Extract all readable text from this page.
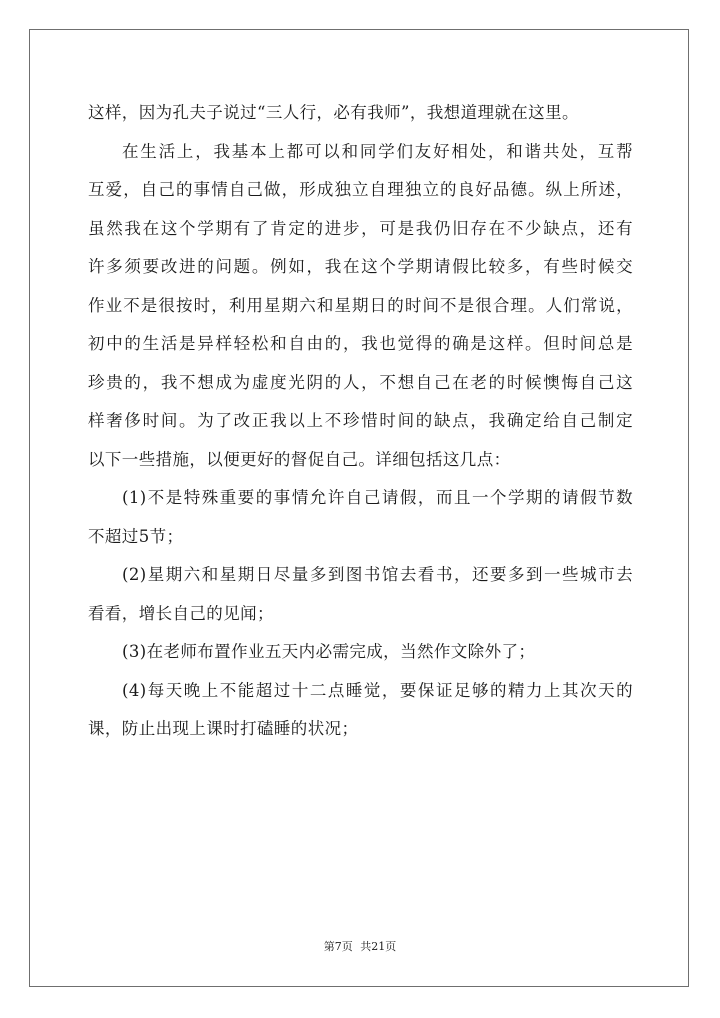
这样，因为孔夫子说过“三人行，必有我师”，我想道理就在这里。
在生活上，我基本上都可以和同学们友好相处，和谐共处，互帮
互爱，自己的事情自己做，形成独立自理独立的良好品德。纵上所述，
虽然我在这个学期有了肯定的进步，可是我仍旧存在不少缺点，还有
许多须要改进的问题。例如，我在这个学期请假比较多，有些时候交
作业不是很按时，利用星期六和星期日的时间不是很合理。人们常说，
初中的生活是异样轻松和自由的，我也觉得的确是这样。但时间总是
珍贵的，我不想成为虚度光阴的人，不想自己在老的时候懊悔自己这
样奢侈时间。为了改正我以上不珍惜时间的缺点，我确定给自己制定
以下一些措施，以便更好的督促自己。详细包括这几点：
(1)不是特殊重要的事情允许自己请假，而且一个学期的请假节数
不超过5节；
(2)星期六和星期日尽量多到图书馆去看书，还要多到一些城市去
看看，增长自己的见闻；
(3)在老师布置作业五天内必需完成，当然作文除外了；
(4)每天晚上不能超过十二点睡觉，要保证足够的精力上其次天的
课，防止出现上课时打磕睡的状况；
第7页 共21页
